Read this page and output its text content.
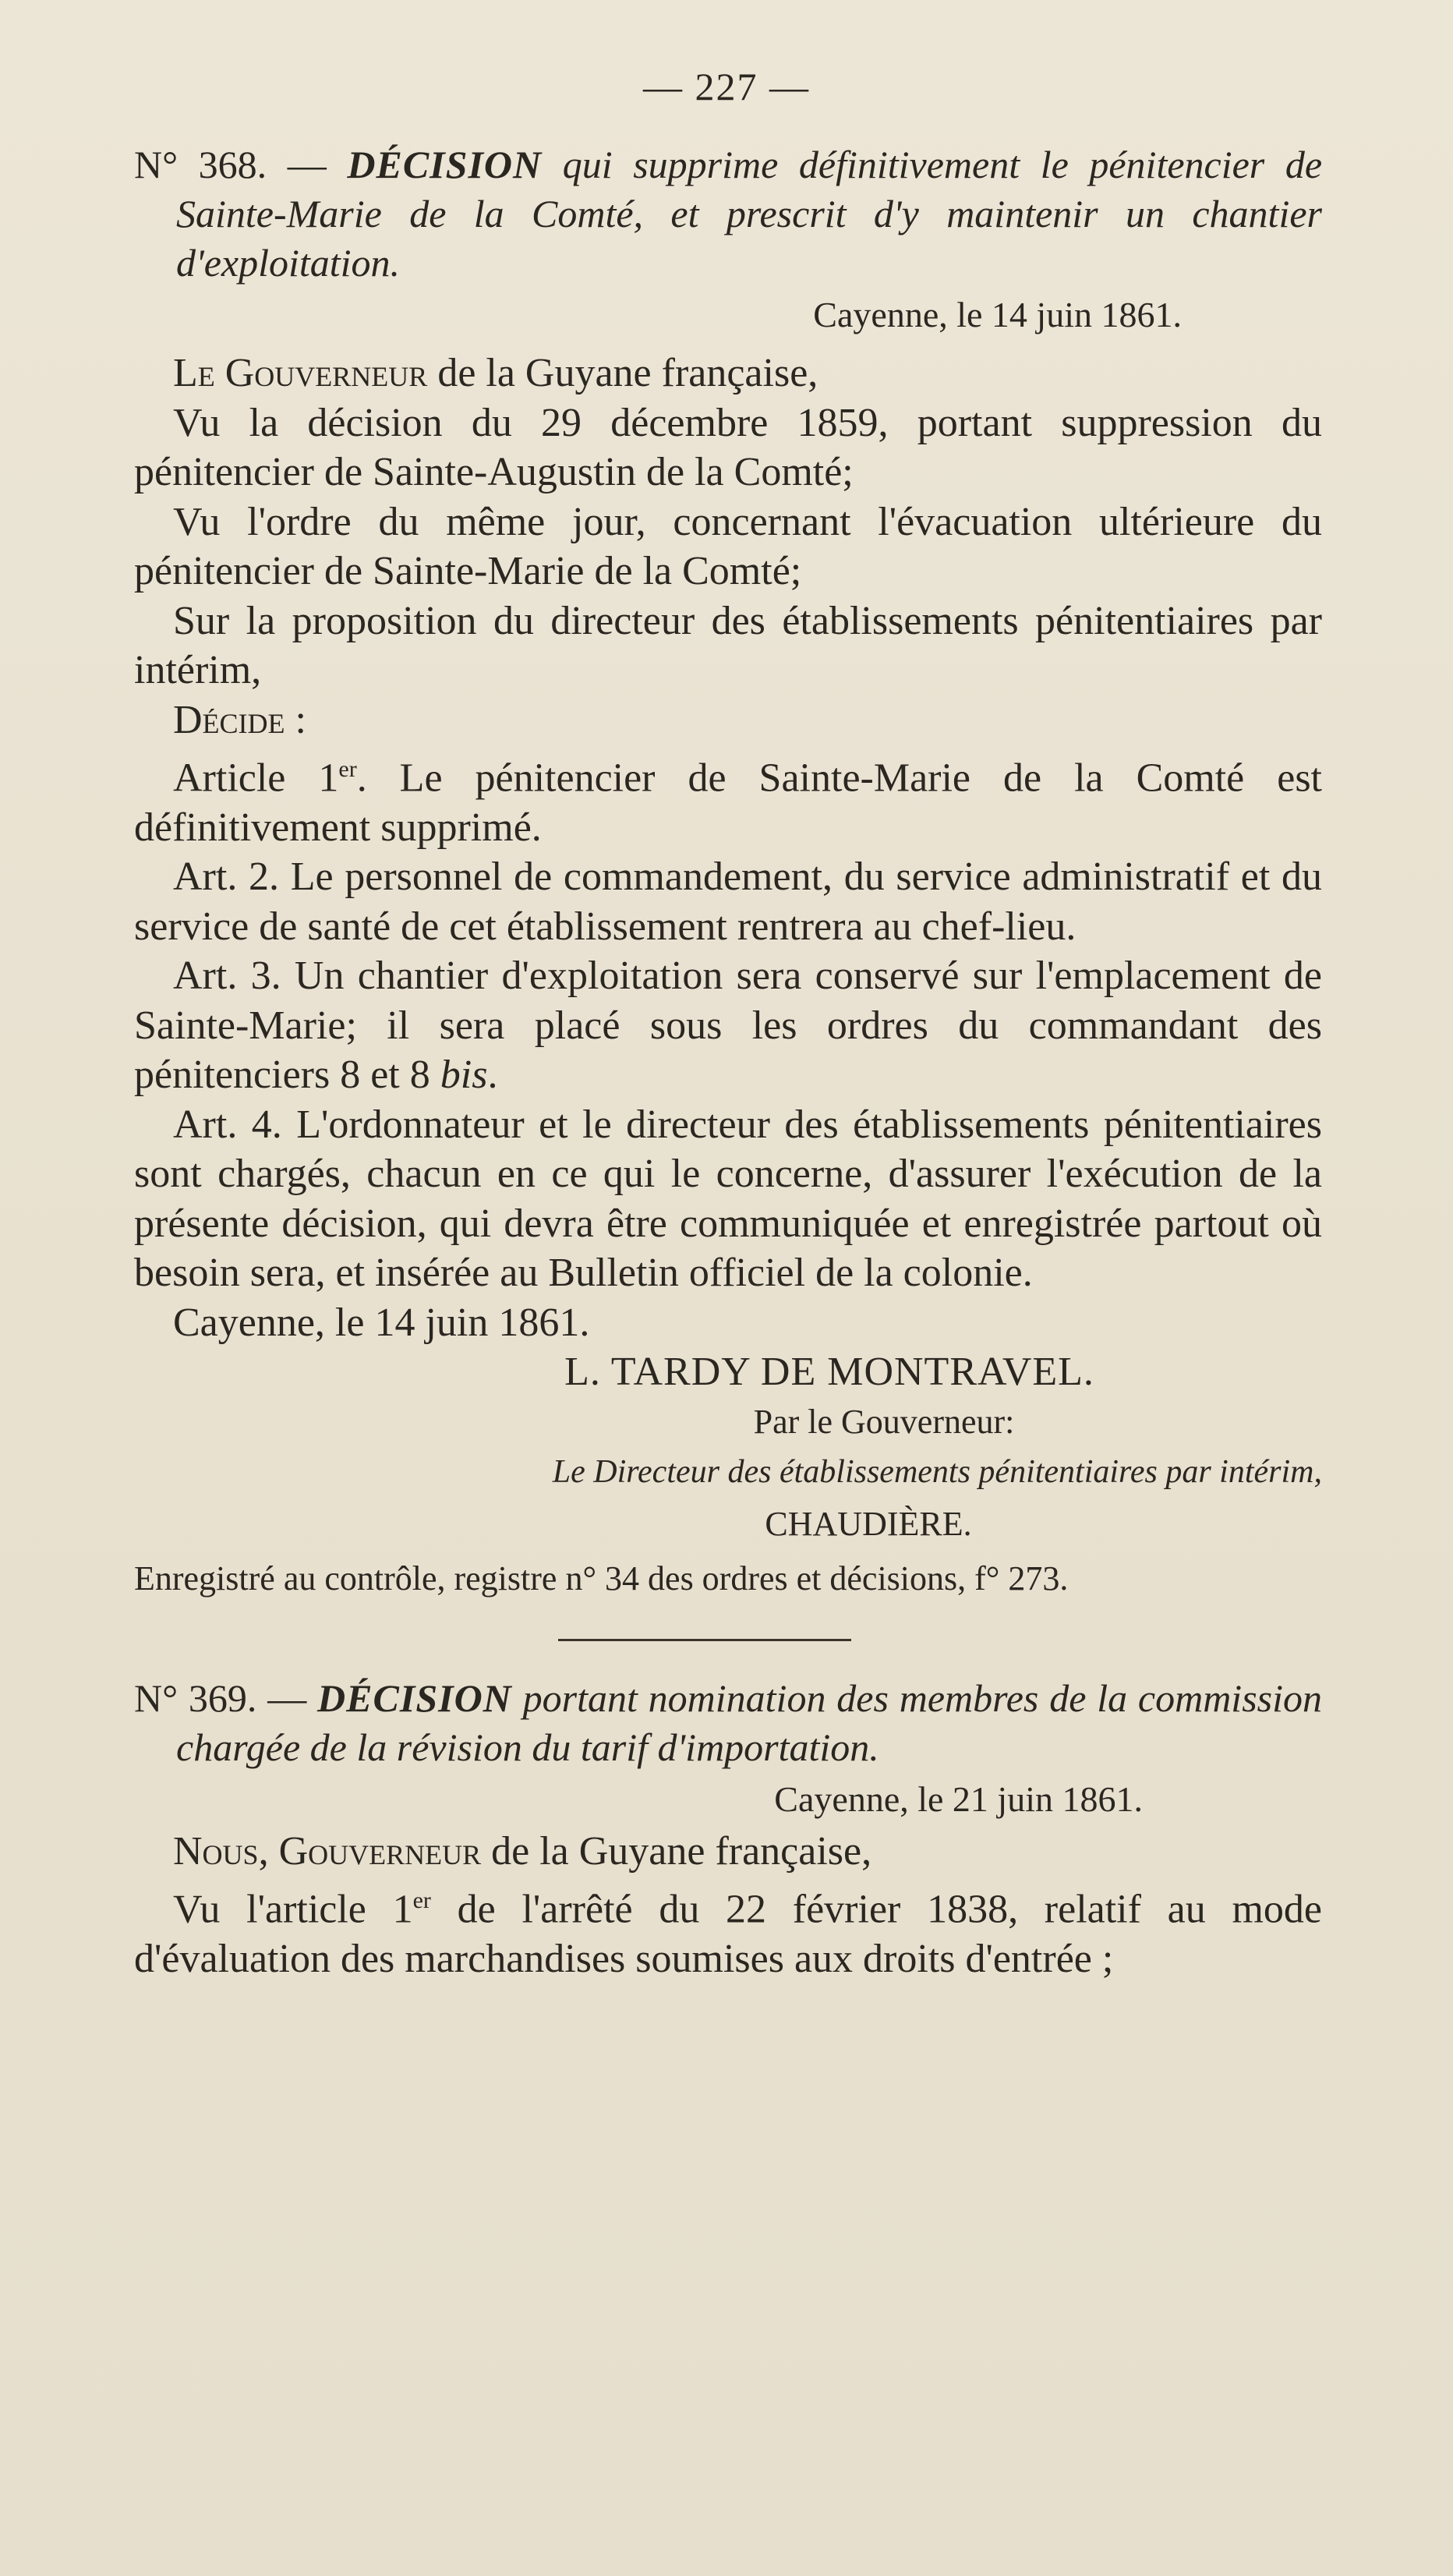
— 227 —

N° 368. — DÉCISION qui supprime définitivement le pénitencier de Sainte-Marie de la Comté, et prescrit d'y maintenir un chantier d'exploitation.

Cayenne, le 14 juin 1861.

Le Gouverneur de la Guyane française,

Vu la décision du 29 décembre 1859, portant suppression du pénitencier de Sainte-Augustin de la Comté;

Vu l'ordre du même jour, concernant l'évacuation ultérieure du pénitencier de Sainte-Marie de la Comté;

Sur la proposition du directeur des établissements pénitentiaires par intérim,

Décide :

Article 1er. Le pénitencier de Sainte-Marie de la Comté est définitivement supprimé.

Art. 2. Le personnel de commandement, du service administratif et du service de santé de cet établissement rentrera au chef-lieu.

Art. 3. Un chantier d'exploitation sera conservé sur l'emplacement de Sainte-Marie; il sera placé sous les ordres du commandant des pénitenciers 8 et 8 bis.

Art. 4. L'ordonnateur et le directeur des établissements pénitentiaires sont chargés, chacun en ce qui le concerne, d'assurer l'exécution de la présente décision, qui devra être communiquée et enregistrée partout où besoin sera, et insérée au Bulletin officiel de la colonie.

Cayenne, le 14 juin 1861.

L. TARDY DE MONTRAVEL.

Par le Gouverneur:

Le Directeur des établissements pénitentiaires par intérim,

CHAUDIÈRE.

Enregistré au contrôle, registre n° 34 des ordres et décisions, f° 273.

N° 369. — DÉCISION portant nomination des membres de la commission chargée de la révision du tarif d'importation.

Cayenne, le 21 juin 1861.

Nous, Gouverneur de la Guyane française,

Vu l'article 1er de l'arrêté du 22 février 1838, relatif au mode d'évaluation des marchandises soumises aux droits d'entrée ;
